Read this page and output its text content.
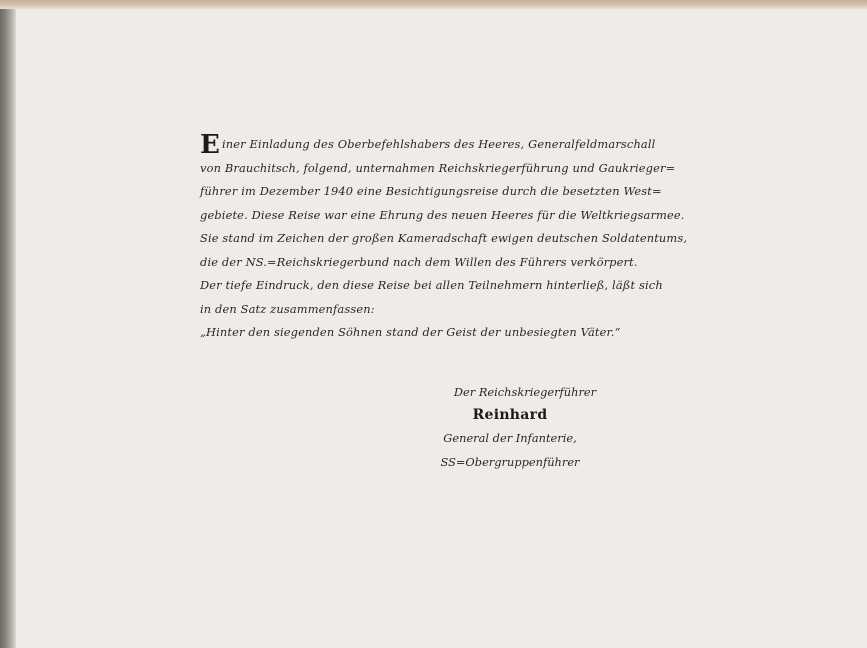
E iner Einladung des Oberbefehlshabers des Heeres, Generalfeldmarschall
von Brauchitsch, folgend, unternahmen Reichskriegerführung und Gaukrieger=
führer im Dezember 1940 eine Besichtigungsreise durch die besetzten West=
gebiete. Diese Reise war eine Ehrung des neuen Heeres für die Weltkriegsarmee.
Sie stand im Zeichen der großen Kameradschaft ewigen deutschen Soldatentums,
die der NS.=Reichskriegerbund nach dem Willen des Führers verkörpert.
Der tiefe Eindruck, den diese Reise bei allen Teilnehmern hinterließ, läßt sich
in den Satz zusammenfassen:
„Hinter den siegenden Söhnen stand der Geist der unbesiegten Väter.“
Der Reichskriegerführer
Reinhard
General der Infanterie, SS=Obergruppenführer
